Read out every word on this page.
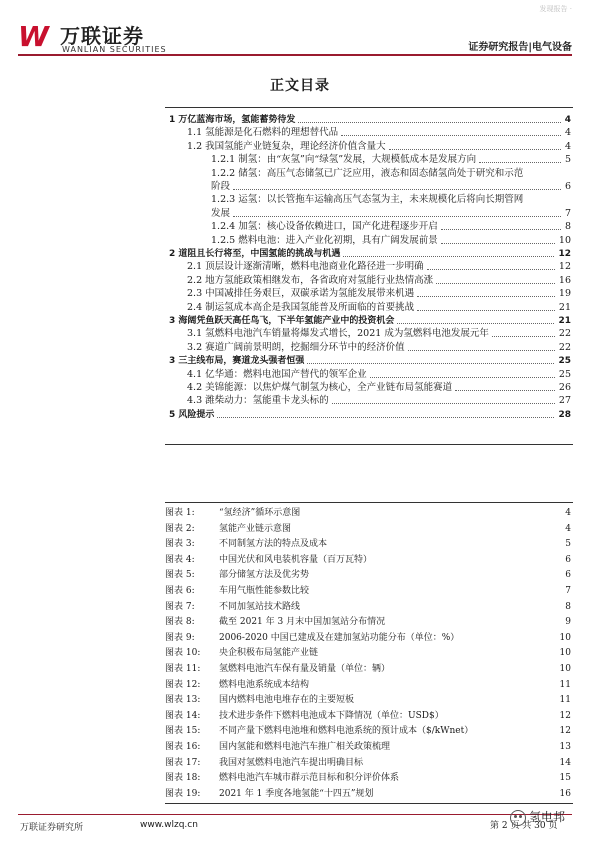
W 万联证券
WANLIAN SECURITIES
发现报告 ·
证券研究报告|电气设备
正文目录
1 万亿蓝海市场，氢能蓄势待发	4
1.1 氢能源是化石燃料的理想替代品	4
1.2 我国氢能产业链复杂，理论经济价值含量大	4
1.2.1 制氢：由“灰氢”向“绿氢”发展，大规模低成本是发展方向	5
1.2.2 储氢：高压气态储氢已广泛应用，液态和固态储氢尚处于研究和示范
阶段	6
1.2.3 运氢：以长管拖车运输高压气态氢为主，未来规模化后将向长期管网
发展	7
1.2.4 加氢：核心设备依赖进口，国产化进程逐步开启	8
1.2.5 燃料电池：进入产业化初期，具有广阔发展前景	10
2 道阻且长行将至，中国氢能的挑战与机遇	12
2.1 顶层设计逐渐清晰，燃料电池商业化路径进一步明确	12
2.2 地方氢能政策相继发布，各省政府对氢能行业热情高涨	16
2.3 中国减排任务艰巨，双碳承诺为氢能发展带来机遇	19
2.4 制运氢成本高企是我国氢能普及所面临的首要挑战	21
3 海阔凭鱼跃天高任鸟飞，下半年氢能产业中的投资机会	21
3.1 氢燃料电池汽车销量将爆发式增长，2021 成为氢燃料电池发展元年	22
3.2 赛道广阔前景明朗，挖掘细分环节中的经济价值	22
3 三主线布局，赛道龙头强者恒强	25
4.1 亿华通：燃料电池国产替代的领军企业	25
4.2 美锦能源：以焦炉煤气制氢为核心，全产业链布局氢能赛道	26
4.3 潍柴动力：氢能重卡龙头标的	27
5 风险提示	28
图表 1:	“氢经济”循环示意图	4
图表 2:	氢能产业链示意图	4
图表 3:	不同制氢方法的特点及成本	5
图表 4:	中国光伏和风电装机容量（百万瓦特）	6
图表 5:	部分储氢方法及优劣势	6
图表 6:	车用气瓶性能参数比较	7
图表 7:	不同加氢站技术路线	8
图表 8:	截至 2021 年 3 月末中国加氢站分布情况	9
图表 9:	2006-2020 中国已建成及在建加氢站功能分布（单位：%）	10
图表 10: 央企积极布局氢能产业链	10
图表 11: 氢燃料电池汽车保有量及销量（单位：辆）	10
图表 12: 燃料电池系统成本结构	11
图表 13: 国内燃料电池电堆存在的主要短板	11
图表 14: 技术进步条件下燃料电池成本下降情况（单位：USD$）	12
图表 15: 不同产量下燃料电池堆和燃料电池系统的预计成本（$/kWnet）	12
图表 16: 国内氢能和燃料电池汽车推广相关政策梳理	13
图表 17: 我国对氢燃料电池汽车提出明确目标	14
图表 18: 燃料电池汽车城市群示范目标和积分评价体系	15
图表 19: 2021 年 1 季度各地氢能“十四五”规划	16
万联证券研究所	www.wlzq.cn	第 2 页 共 30 页
氢电邦
